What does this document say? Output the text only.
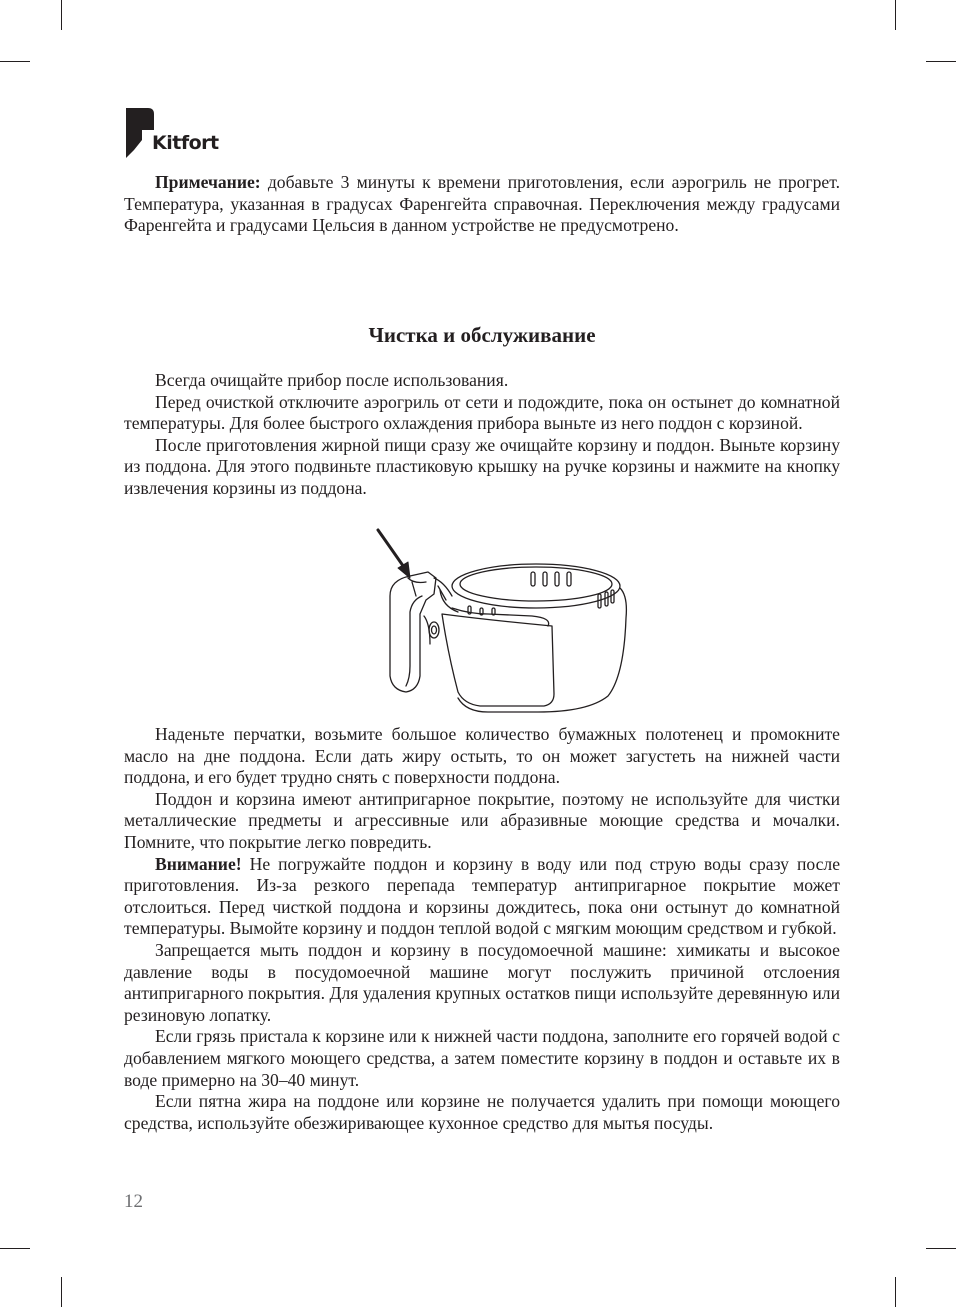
Kitfort

Примечание: добавьте 3 минуты к времени приготовления, если аэрогриль не прогрет. Температура, указанная в градусах Фаренгейта справочная. Переключения между градусами Фаренгейта и градусами Цельсия в данном устройстве не предусмотрено.

Чистка и обслуживание

Всегда очищайте прибор после использования.

Перед очисткой отключите аэрогриль от сети и подождите, пока он остынет до комнатной температуры. Для более быстрого охлаждения прибора выньте из него поддон с корзиной.

После приготовления жирной пищи сразу же очищайте корзину и поддон. Выньте корзину из поддона. Для этого подвиньте пластиковую крышку на ручке корзины и нажмите на кнопку извлечения корзины из поддона.

Наденьте перчатки, возьмите большое количество бумажных полотенец и промокните масло на дне поддона. Если дать жиру остыть, то он может загустеть на нижней части поддона, и его будет трудно снять с поверхности поддона.

Поддон и корзина имеют антипригарное покрытие, поэтому не используйте для чистки металлические предметы и агрессивные или абразивные моющие средства и мочалки. Помните, что покрытие легко повредить.

Внимание! Не погружайте поддон и корзину в воду или под струю воды сразу после приготовления. Из-за резкого перепада температур антипригарное покрытие может отслоиться. Перед чисткой поддона и корзины дождитесь, пока они остынут до комнатной температуры. Вымойте корзину и поддон теплой водой с мягким моющим средством и губкой.

Запрещается мыть поддон и корзину в посудомоечной машине: химикаты и высокое давление воды в посудомоечной машине могут послужить причиной отслоения антипригарного покрытия. Для удаления крупных остатков пищи используйте деревянную или резиновую лопатку.

Если грязь пристала к корзине или к нижней части поддона, заполните его горячей водой с добавлением мягкого моющего средства, а затем поместите корзину в поддон и оставьте их в воде примерно на 30–40 минут.

Если пятна жира на поддоне или корзине не получается удалить при помощи моющего средства, используйте обезжиривающее кухонное средство для мытья посуды.

12
